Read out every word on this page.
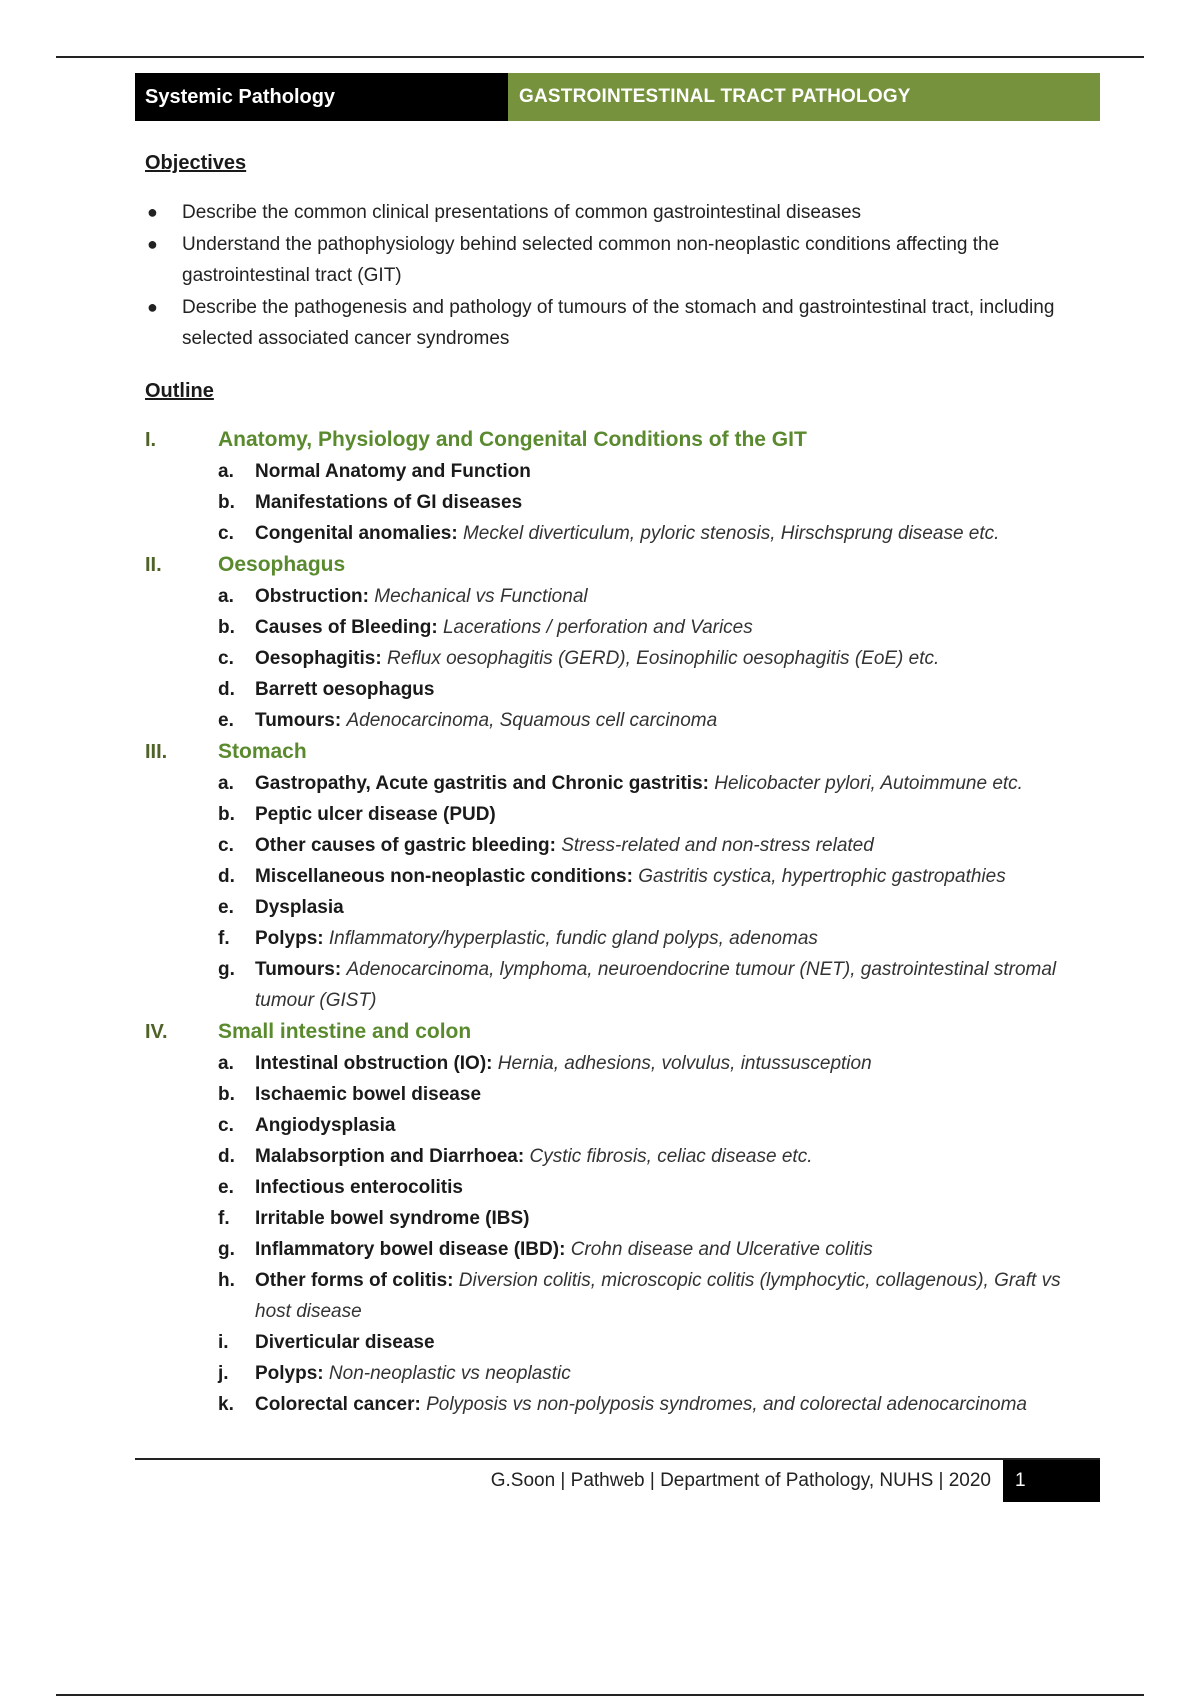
Systemic Pathology	GASTROINTESTINAL TRACT PATHOLOGY
Objectives
● Describe the common clinical presentations of common gastrointestinal diseases
● Understand the pathophysiology behind selected common non-neoplastic conditions affecting the gastrointestinal tract (GIT)
● Describe the pathogenesis and pathology of tumours of the stomach and gastrointestinal tract, including selected associated cancer syndromes
Outline
I.	Anatomy, Physiology and Congenital Conditions of the GIT
a.	Normal Anatomy and Function
b.	Manifestations of GI diseases
c.	Congenital anomalies: Meckel diverticulum, pyloric stenosis, Hirschsprung disease etc.
II.	Oesophagus
a.	Obstruction: Mechanical vs Functional
b.	Causes of Bleeding: Lacerations / perforation and Varices
c.	Oesophagitis: Reflux oesophagitis (GERD), Eosinophilic oesophagitis (EoE) etc.
d.	Barrett oesophagus
e.	Tumours: Adenocarcinoma, Squamous cell carcinoma
III.	Stomach
a.	Gastropathy, Acute gastritis and Chronic gastritis: Helicobacter pylori, Autoimmune etc.
b.	Peptic ulcer disease (PUD)
c.	Other causes of gastric bleeding: Stress-related and non-stress related
d.	Miscellaneous non-neoplastic conditions: Gastritis cystica, hypertrophic gastropathies
e.	Dysplasia
f.	Polyps: Inflammatory/hyperplastic, fundic gland polyps, adenomas
g.	Tumours: Adenocarcinoma, lymphoma, neuroendocrine tumour (NET), gastrointestinal stromal tumour (GIST)
IV.	Small intestine and colon
a.	Intestinal obstruction (IO): Hernia, adhesions, volvulus, intussusception
b.	Ischaemic bowel disease
c.	Angiodysplasia
d.	Malabsorption and Diarrhoea: Cystic fibrosis, celiac disease etc.
e.	Infectious enterocolitis
f.	Irritable bowel syndrome (IBS)
g.	Inflammatory bowel disease (IBD): Crohn disease and Ulcerative colitis
h.	Other forms of colitis: Diversion colitis, microscopic colitis (lymphocytic, collagenous), Graft vs host disease
i.	Diverticular disease
j.	Polyps: Non-neoplastic vs neoplastic
k.	Colorectal cancer: Polyposis vs non-polyposis syndromes, and colorectal adenocarcinoma
G.Soon | Pathweb | Department of Pathology, NUHS | 2020	1
